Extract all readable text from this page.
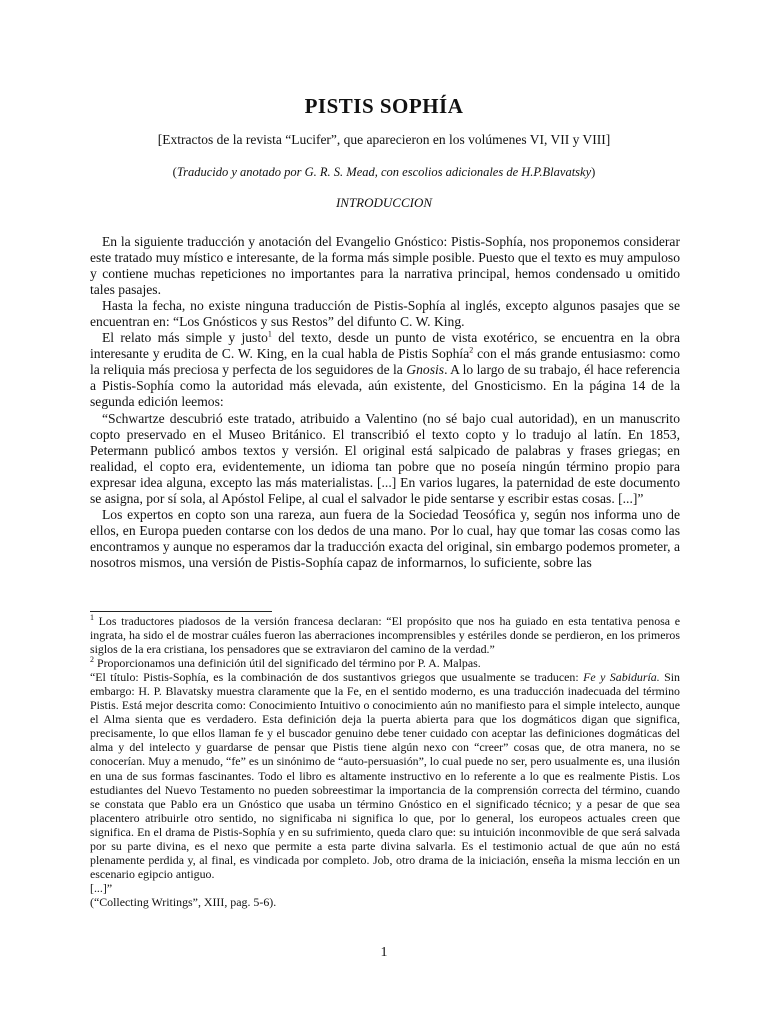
PISTIS SOPHÍA
[Extractos de la revista “Lucifer”, que aparecieron en los volúmenes VI, VII y VIII]
(Traducido y anotado por G. R. S. Mead, con escolios adicionales de H.P.Blavatsky)
INTRODUCCION

En la siguiente traducción y anotación del Evangelio Gnóstico: Pistis-Sophía, nos proponemos considerar este tratado muy místico e interesante, de la forma más simple posible. Puesto que el texto es muy ampuloso y contiene muchas repeticiones no importantes para la narrativa principal, hemos condensado u omitido tales pasajes.

Hasta la fecha, no existe ninguna traducción de Pistis-Sophía al inglés, excepto algunos pasajes que se encuentran en: “Los Gnósticos y sus Restos” del difunto C. W. King.

El relato más simple y justo$^1$ del texto, desde un punto de vista exotérico, se encuentra en la obra interesante y erudita de C. W. King, en la cual habla de Pistis Sophía$^2$ con el más grande entusiasmo: como la reliquia más preciosa y perfecta de los seguidores de la Gnosis. A lo largo de su trabajo, él hace referencia a Pistis-Sophía como la autoridad más elevada, aún existente, del Gnosticismo. En la página 14 de la segunda edición leemos:

“Schwartze descubrió este tratado, atribuido a Valentino (no sé bajo cual autoridad), en un manuscrito copto preservado en el Museo Británico. El transcribió el texto copto y lo tradujo al latín. En 1853, Petermann publicó ambos textos y versión. El original está salpicado de palabras y frases griegas; en realidad, el copto era, evidentemente, un idioma tan pobre que no poseía ningún término propio para expresar idea alguna, excepto las más materialistas. [...] En varios lugares, la paternidad de este documento se asigna, por sí sola, al Apóstol Felipe, al cual el salvador le pide sentarse y escribir estas cosas. [...]”

Los expertos en copto son una rareza, aun fuera de la Sociedad Teosófica y, según nos informa uno de ellos, en Europa pueden contarse con los dedos de una mano. Por lo cual, hay que tomar las cosas como las encontramos y aunque no esperamos dar la traducción exacta del original, sin embargo podemos prometer, a nosotros mismos, una versión de Pistis-Sophía capaz de informarnos, lo suficiente, sobre las

$^1$ Los traductores piadosos de la versión francesa declaran: “El propósito que nos ha guiado en esta tentativa penosa e ingrata, ha sido el de mostrar cuáles fueron las aberraciones incomprensibles y estériles donde se perdieron, en los primeros siglos de la era cristiana, los pensadores que se extraviaron del camino de la verdad.”

$^2$ Proporcionamos una definición útil del significado del término por P. A. Malpas.

“El título: Pistis-Sophía, es la combinación de dos sustantivos griegos que usualmente se traducen: Fe y Sabiduría. Sin embargo: H. P. Blavatsky muestra claramente que la Fe, en el sentido moderno, es una traducción inadecuada del término Pistis. Está mejor descrita como: Conocimiento Intuitivo o conocimiento aún no manifiesto para el simple intelecto, aunque el Alma sienta que es verdadero. Esta definición deja la puerta abierta para que los dogmáticos digan que significa, precisamente, lo que ellos llaman fe y el buscador genuino debe tener cuidado con aceptar las definiciones dogmáticas del alma y del intelecto y guardarse de pensar que Pistis tiene algún nexo con “creer” cosas que, de otra manera, no se conocerían. Muy a menudo, “fe” es un sinónimo de “auto-persuasión”, lo cual puede no ser, pero usualmente es, una ilusión en una de sus formas fascinantes. Todo el libro es altamente instructivo en lo referente a lo que es realmente Pistis. Los estudiantes del Nuevo Testamento no pueden sobreestimar la importancia de la comprensión correcta del término, cuando se constata que Pablo era un Gnóstico que usaba un término Gnóstico en el significado técnico; y a pesar de que sea placentero atribuirle otro sentido, no significaba ni significa lo que, por lo general, los europeos actuales creen que significa. En el drama de Pistis-Sophía y en su sufrimiento, queda claro que: su intuición inconmovible de que será salvada por su parte divina, es el nexo que permite a esta parte divina salvarla. Es el testimonio actual de que aún no está plenamente perdida y, al final, es vindicada por completo. Job, otro drama de la iniciación, enseña la misma lección en un escenario egipcio antiguo.

[...]”

(“Collecting Writings”, XIII, pag. 5-6).

1
